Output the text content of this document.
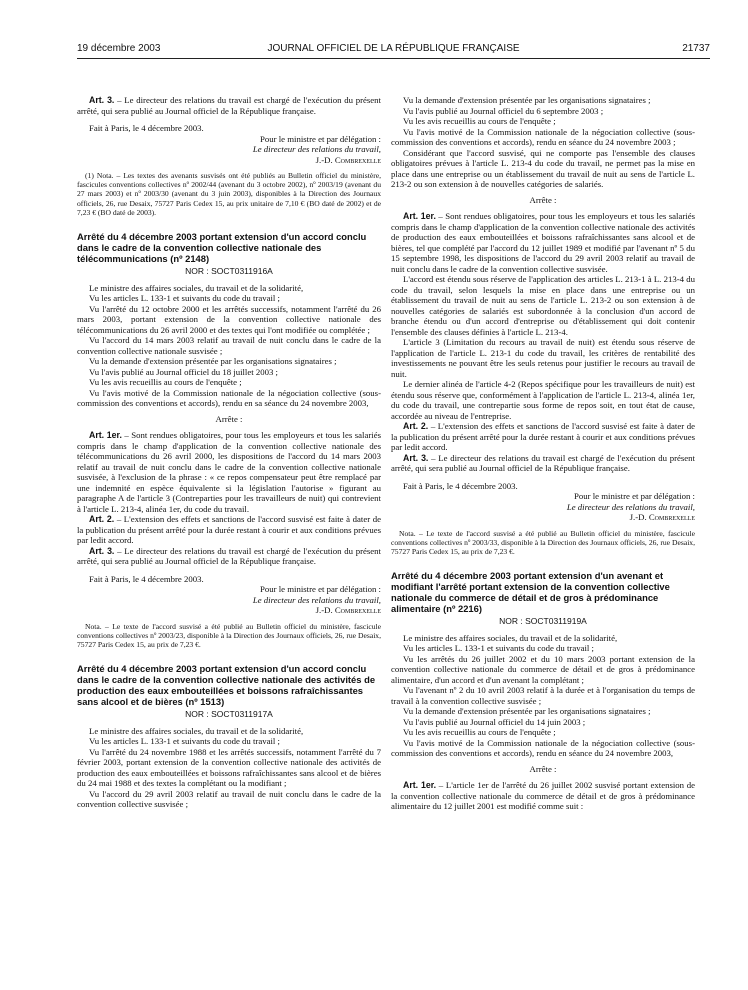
19 décembre 2003	JOURNAL OFFICIEL DE LA RÉPUBLIQUE FRANÇAISE	21737

Art. 3. – Le directeur des relations du travail est chargé de l'exécution du présent arrêté, qui sera publié au Journal officiel de la République française.

Fait à Paris, le 4 décembre 2003.

Pour le ministre et par délégation :

Le directeur des relations du travail,

J.-D. Combrexelle

(1) Nota. – Les textes des avenants susvisés ont été publiés au Bulletin officiel du ministère, fascicules conventions collectives nº 2002/44 (avenant du 3 octobre 2002), nº 2003/19 (avenant du 27 mars 2003) et nº 2003/30 (avenant du 3 juin 2003), disponibles à la Direction des Journaux officiels, 26, rue Desaix, 75727 Paris Cedex 15, au prix unitaire de 7,10 € (BO daté de 2002) et de 7,23 € (BO daté de 2003).

Arrêté du 4 décembre 2003 portant extension d'un accord conclu dans le cadre de la convention collective nationale des télécommunications (nº 2148)

NOR : SOCT0311916A

Le ministre des affaires sociales, du travail et de la solidarité,

Vu les articles L. 133-1 et suivants du code du travail ;

Vu l'arrêté du 12 octobre 2000 et les arrêtés successifs, notamment l'arrêté du 26 mars 2003, portant extension de la convention collective nationale des télécommunications du 26 avril 2000 et des textes qui l'ont modifiée ou complétée ;

Vu l'accord du 14 mars 2003 relatif au travail de nuit conclu dans le cadre de la convention collective nationale susvisée ;

Vu la demande d'extension présentée par les organisations signataires ;

Vu l'avis publié au Journal officiel du 18 juillet 2003 ;

Vu les avis recueillis au cours de l'enquête ;

Vu l'avis motivé de la Commission nationale de la négociation collective (sous-commission des conventions et accords), rendu en sa séance du 24 novembre 2003,

Arrête :

Art. 1er. – Sont rendues obligatoires, pour tous les employeurs et tous les salariés compris dans le champ d'application de la convention collective nationale des télécommunications du 26 avril 2000, les dispositions de l'accord du 14 mars 2003 relatif au travail de nuit conclu dans le cadre de la convention collective nationale susvisée, à l'exclusion de la phrase : « ce repos compensateur peut être remplacé par une indemnité en espèce équivalente si la législation l'autorise » figurant au paragraphe A de l'article 3 (Contreparties pour les travailleurs de nuit) qui contrevient à l'article L. 213-4, alinéa 1er, du code du travail.

Art. 2. – L'extension des effets et sanctions de l'accord susvisé est faite à dater de la publication du présent arrêté pour la durée restant à courir et aux conditions prévues par ledit accord.

Art. 3. – Le directeur des relations du travail est chargé de l'exécution du présent arrêté, qui sera publié au Journal officiel de la République française.

Fait à Paris, le 4 décembre 2003.

Pour le ministre et par délégation :

Le directeur des relations du travail,

J.-D. Combrexelle

Nota. – Le texte de l'accord susvisé a été publié au Bulletin officiel du ministère, fascicule conventions collectives nº 2003/23, disponible à la Direction des Journaux officiels, 26, rue Desaix, 75727 Paris Cedex 15, au prix de 7,23 €.

Arrêté du 4 décembre 2003 portant extension d'un accord conclu dans le cadre de la convention collective nationale des activités de production des eaux embouteillées et boissons rafraîchissantes sans alcool et de bières (nº 1513)

NOR : SOCT0311917A

Le ministre des affaires sociales, du travail et de la solidarité,

Vu les articles L. 133-1 et suivants du code du travail ;

Vu l'arrêté du 24 novembre 1988 et les arrêtés successifs, notamment l'arrêté du 7 février 2003, portant extension de la convention collective nationale des activités de production des eaux embouteillées et boissons rafraîchissantes sans alcool et de bières du 24 mai 1988 et des textes la complétant ou la modifiant ;

Vu l'accord du 29 avril 2003 relatif au travail de nuit conclu dans le cadre de la convention collective susvisée ;

Vu la demande d'extension présentée par les organisations signataires ;

Vu l'avis publié au Journal officiel du 6 septembre 2003 ;

Vu les avis recueillis au cours de l'enquête ;

Vu l'avis motivé de la Commission nationale de la négociation collective (sous-commission des conventions et accords), rendu en séance du 24 novembre 2003 ;

Considérant que l'accord susvisé, qui ne comporte pas l'ensemble des clauses obligatoires prévues à l'article L. 213-4 du code du travail, ne permet pas la mise en place dans une entreprise ou un établissement du travail de nuit au sens de l'article L. 213-2 ou son extension à de nouvelles catégories de salariés.

Arrête :

Art. 1er. – Sont rendues obligatoires, pour tous les employeurs et tous les salariés compris dans le champ d'application de la convention collective nationale des activités de production des eaux embouteillées et boissons rafraîchissantes sans alcool et de bières, tel que complété par l'accord du 12 juillet 1989 et modifié par l'avenant nº 5 du 15 septembre 1998, les dispositions de l'accord du 29 avril 2003 relatif au travail de nuit conclu dans le cadre de la convention collective susvisée.

L'accord est étendu sous réserve de l'application des articles L. 213-1 à L. 213-4 du code du travail, selon lesquels la mise en place dans une entreprise ou un établissement du travail de nuit au sens de l'article L. 213-2 ou son extension à de nouvelles catégories de salariés est subordonnée à la conclusion d'un accord de branche étendu ou d'un accord d'entreprise ou d'établissement qui doit contenir l'ensemble des clauses définies à l'article L. 213-4.

L'article 3 (Limitation du recours au travail de nuit) est étendu sous réserve de l'application de l'article L. 213-1 du code du travail, les critères de rentabilité des investissements ne pouvant être les seuls retenus pour justifier le recours au travail de nuit.

Le dernier alinéa de l'article 4-2 (Repos spécifique pour les travailleurs de nuit) est étendu sous réserve que, conformément à l'application de l'article L. 213-4, alinéa 1er, du code du travail, une contrepartie sous forme de repos soit, en tout état de cause, accordée au niveau de l'entreprise.

Art. 2. – L'extension des effets et sanctions de l'accord susvisé est faite à dater de la publication du présent arrêté pour la durée restant à courir et aux conditions prévues par ledit accord.

Art. 3. – Le directeur des relations du travail est chargé de l'exécution du présent arrêté, qui sera publié au Journal officiel de la République française.

Fait à Paris, le 4 décembre 2003.

Pour le ministre et par délégation :

Le directeur des relations du travail,

J.-D. Combrexelle

Nota. – Le texte de l'accord susvisé a été publié au Bulletin officiel du ministère, fascicule conventions collectives nº 2003/33, disponible à la Direction des Journaux officiels, 26, rue Desaix, 75727 Paris Cedex 15, au prix de 7,23 €.

Arrêté du 4 décembre 2003 portant extension d'un avenant et modifiant l'arrêté portant extension de la convention collective nationale du commerce de détail et de gros à prédominance alimentaire (nº 2216)

NOR : SOCT0311919A

Le ministre des affaires sociales, du travail et de la solidarité,

Vu les articles L. 133-1 et suivants du code du travail ;

Vu les arrêtés du 26 juillet 2002 et du 10 mars 2003 portant extension de la convention collective nationale du commerce de détail et de gros à prédominance alimentaire, d'un accord et d'un avenant la complétant ;

Vu l'avenant nº 2 du 10 avril 2003 relatif à la durée et à l'organisation du temps de travail à la convention collective susvisée ;

Vu la demande d'extension présentée par les organisations signataires ;

Vu l'avis publié au Journal officiel du 14 juin 2003 ;

Vu les avis recueillis au cours de l'enquête ;

Vu l'avis motivé de la Commission nationale de la négociation collective (sous-commission des conventions et accords), rendu en séance du 24 novembre 2003,

Arrête :

Art. 1er. – L'article 1er de l'arrêté du 26 juillet 2002 susvisé portant extension de la convention collective nationale du commerce de détail et de gros à prédominance alimentaire du 12 juillet 2001 est modifié comme suit :
